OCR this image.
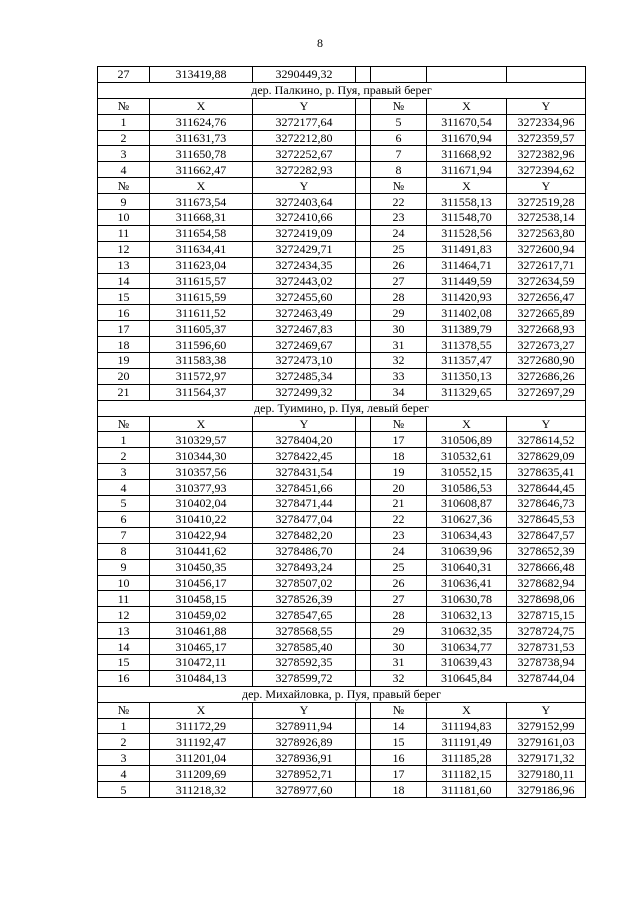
8
27	313419,88	3290449,32				
дер. Палкино, р. Пуя, правый берег						
№	X	Y		№	X	Y
1	311624,76	3272177,64		5	311670,54	3272334,96
2	311631,73	3272212,80		6	311670,94	3272359,57
3	311650,78	3272252,67		7	311668,92	3272382,96
4	311662,47	3272282,93		8	311671,94	3272394,62
№	X	Y		№	X	Y
9	311673,54	3272403,64		22	311558,13	3272519,28
10	311668,31	3272410,66		23	311548,70	3272538,14
11	311654,58	3272419,09		24	311528,56	3272563,80
12	311634,41	3272429,71		25	311491,83	3272600,94
13	311623,04	3272434,35		26	311464,71	3272617,71
14	311615,57	3272443,02		27	311449,59	3272634,59
15	311615,59	3272455,60		28	311420,93	3272656,47
16	311611,52	3272463,49		29	311402,08	3272665,89
17	311605,37	3272467,83		30	311389,79	3272668,93
18	311596,60	3272469,67		31	311378,55	3272673,27
19	311583,38	3272473,10		32	311357,47	3272680,90
20	311572,97	3272485,34		33	311350,13	3272686,26
21	311564,37	3272499,32		34	311329,65	3272697,29
дер. Туимино, р. Пуя, левый берег						
№	X	Y		№	X	Y
1	310329,57	3278404,20		17	310506,89	3278614,52
2	310344,30	3278422,45		18	310532,61	3278629,09
3	310357,56	3278431,54		19	310552,15	3278635,41
4	310377,93	3278451,66		20	310586,53	3278644,45
5	310402,04	3278471,44		21	310608,87	3278646,73
6	310410,22	3278477,04		22	310627,36	3278645,53
7	310422,94	3278482,20		23	310634,43	3278647,57
8	310441,62	3278486,70		24	310639,96	3278652,39
9	310450,35	3278493,24		25	310640,31	3278666,48
10	310456,17	3278507,02		26	310636,41	3278682,94
11	310458,15	3278526,39		27	310630,78	3278698,06
12	310459,02	3278547,65		28	310632,13	3278715,15
13	310461,88	3278568,55		29	310632,35	3278724,75
14	310465,17	3278585,40		30	310634,77	3278731,53
15	310472,11	3278592,35		31	310639,43	3278738,94
16	310484,13	3278599,72		32	310645,84	3278744,04
дер. Михайловка, р. Пуя, правый берег						
№	X	Y		№	X	Y
1	311172,29	3278911,94		14	311194,83	3279152,99
2	311192,47	3278926,89		15	311191,49	3279161,03
3	311201,04	3278936,91		16	311185,28	3279171,32
4	311209,69	3278952,71		17	311182,15	3279180,11
5	311218,32	3278977,60		18	311181,60	3279186,96
